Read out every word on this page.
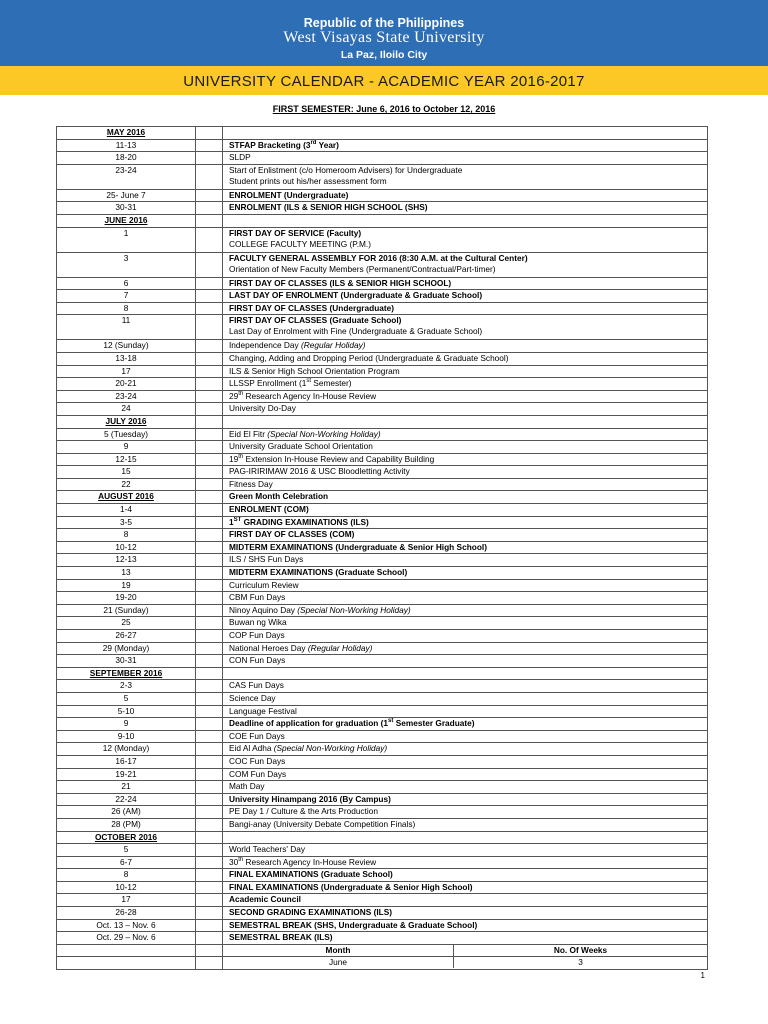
Republic of the Philippines
West Visayas State University
La Paz, Iloilo City
UNIVERSITY CALENDAR - ACADEMIC YEAR 2016-2017
FIRST SEMESTER: June 6, 2016 to October 12, 2016
MAY 2016		

11-13		STFAP Bracketing (3rd Year)

18-20		SLDP

23-24		Start of Enlistment (c/o Homeroom Advisers) for Undergraduate
Student prints out his/her assessment form

25- June 7		ENROLMENT (Undergraduate)

30-31		ENROLMENT (ILS & SENIOR HIGH SCHOOL (SHS)

JUNE 2016		

1		FIRST DAY OF SERVICE (Faculty)
COLLEGE FACULTY MEETING (P.M.)

3		FACULTY GENERAL ASSEMBLY FOR 2016 (8:30 A.M. at the Cultural Center)
Orientation of New Faculty Members (Permanent/Contractual/Part-timer)

6		FIRST DAY OF CLASSES (ILS & SENIOR HIGH SCHOOL)

7		LAST DAY OF ENROLMENT (Undergraduate & Graduate School)

8		FIRST DAY OF CLASSES (Undergraduate)

11		FIRST DAY OF CLASSES (Graduate School)
Last Day of Enrolment with Fine (Undergraduate & Graduate School)

12 (Sunday)		Independence Day (Regular Holiday)

13-18		Changing, Adding and Dropping Period (Undergraduate & Graduate School)

17		ILS & Senior High School Orientation Program

20-21		LLSSP Enrollment (1st Semester)

23-24		29th Research Agency In-House Review

24		University Do-Day

JULY 2016		

5 (Tuesday)		Eid El Fitr (Special Non-Working Holiday)

9		University Graduate School Orientation

12-15		19th Extension In-House Review and Capability Building

15		PAG-IRIRIMAW 2016 & USC Bloodletting Activity

22		Fitness Day

AUGUST 2016		Green Month Celebration

1-4		ENROLMENT (COM)

3-5		1ST GRADING EXAMINATIONS (ILS)

8		FIRST DAY OF CLASSES (COM)

10-12		MIDTERM EXAMINATIONS (Undergraduate & Senior High School)

12-13		ILS / SHS Fun Days

13		MIDTERM EXAMINATIONS (Graduate School)

19		Curriculum Review

19-20		CBM Fun Days

21 (Sunday)		Ninoy Aquino Day (Special Non-Working Holiday)

25		Buwan ng Wika

26-27		COP Fun Days

29 (Monday)		National Heroes Day (Regular Holiday)

30-31		CON Fun Days

SEPTEMBER 2016		

2-3		CAS Fun Days

5		Science Day

5-10		Language Festival

9		Deadline of application for graduation (1st Semester Graduate)

9-10		COE Fun Days

12 (Monday)		Eid Al Adha (Special Non-Working Holiday)

16-17		COC Fun Days

19-21		COM Fun Days

21		Math Day

22-24		University Hinampang 2016 (By Campus)

26 (AM)		PE Day 1 / Culture & the Arts Production

28 (PM)		Bangi-anay (University Debate Competition Finals)

OCTOBER 2016		

5		World Teachers' Day

6-7		30th Research Agency In-House Review

8		FINAL EXAMINATIONS (Graduate School)

10-12		FINAL EXAMINATIONS (Undergraduate & Senior High School)

17		Academic Council

26-28		SECOND GRADING EXAMINATIONS (ILS)

Oct. 13 – Nov. 6		SEMESTRAL BREAK (SHS, Undergraduate & Graduate School)

Oct. 29 – Nov. 6		SEMESTRAL BREAK (ILS)

		Month No. Of Weeks

		June 3
1
